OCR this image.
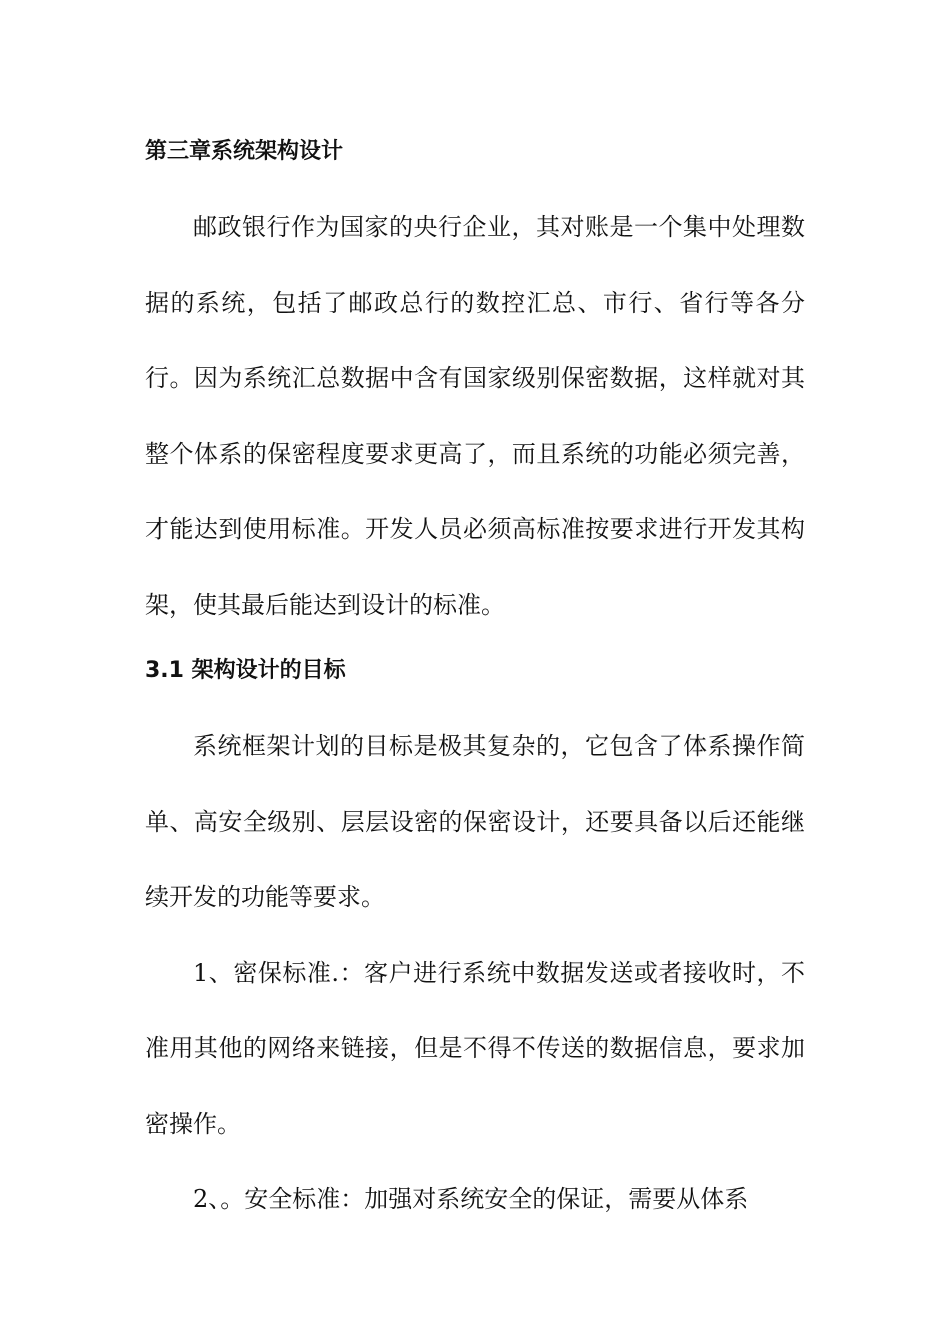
第三章系统架构设计

邮政银行作为国家的央行企业，其对账是一个集中处理数据的系统，包括了邮政总行的数控汇总、市行、省行等各分行。因为系统汇总数据中含有国家级别保密数据，这样就对其整个体系的保密程度要求更高了，而且系统的功能必须完善，才能达到使用标准。开发人员必须高标准按要求进行开发其构架，使其最后能达到设计的标准。

3.1 架构设计的目标

系统框架计划的目标是极其复杂的，它包含了体系操作简单、高安全级别、层层设密的保密设计，还要具备以后还能继续开发的功能等要求。

1、密保标准.：客户进行系统中数据发送或者接收时，不准用其他的网络来链接，但是不得不传送的数据信息，要求加密操作。

2、。安全标准：加强对系统安全的保证，需要从体系
